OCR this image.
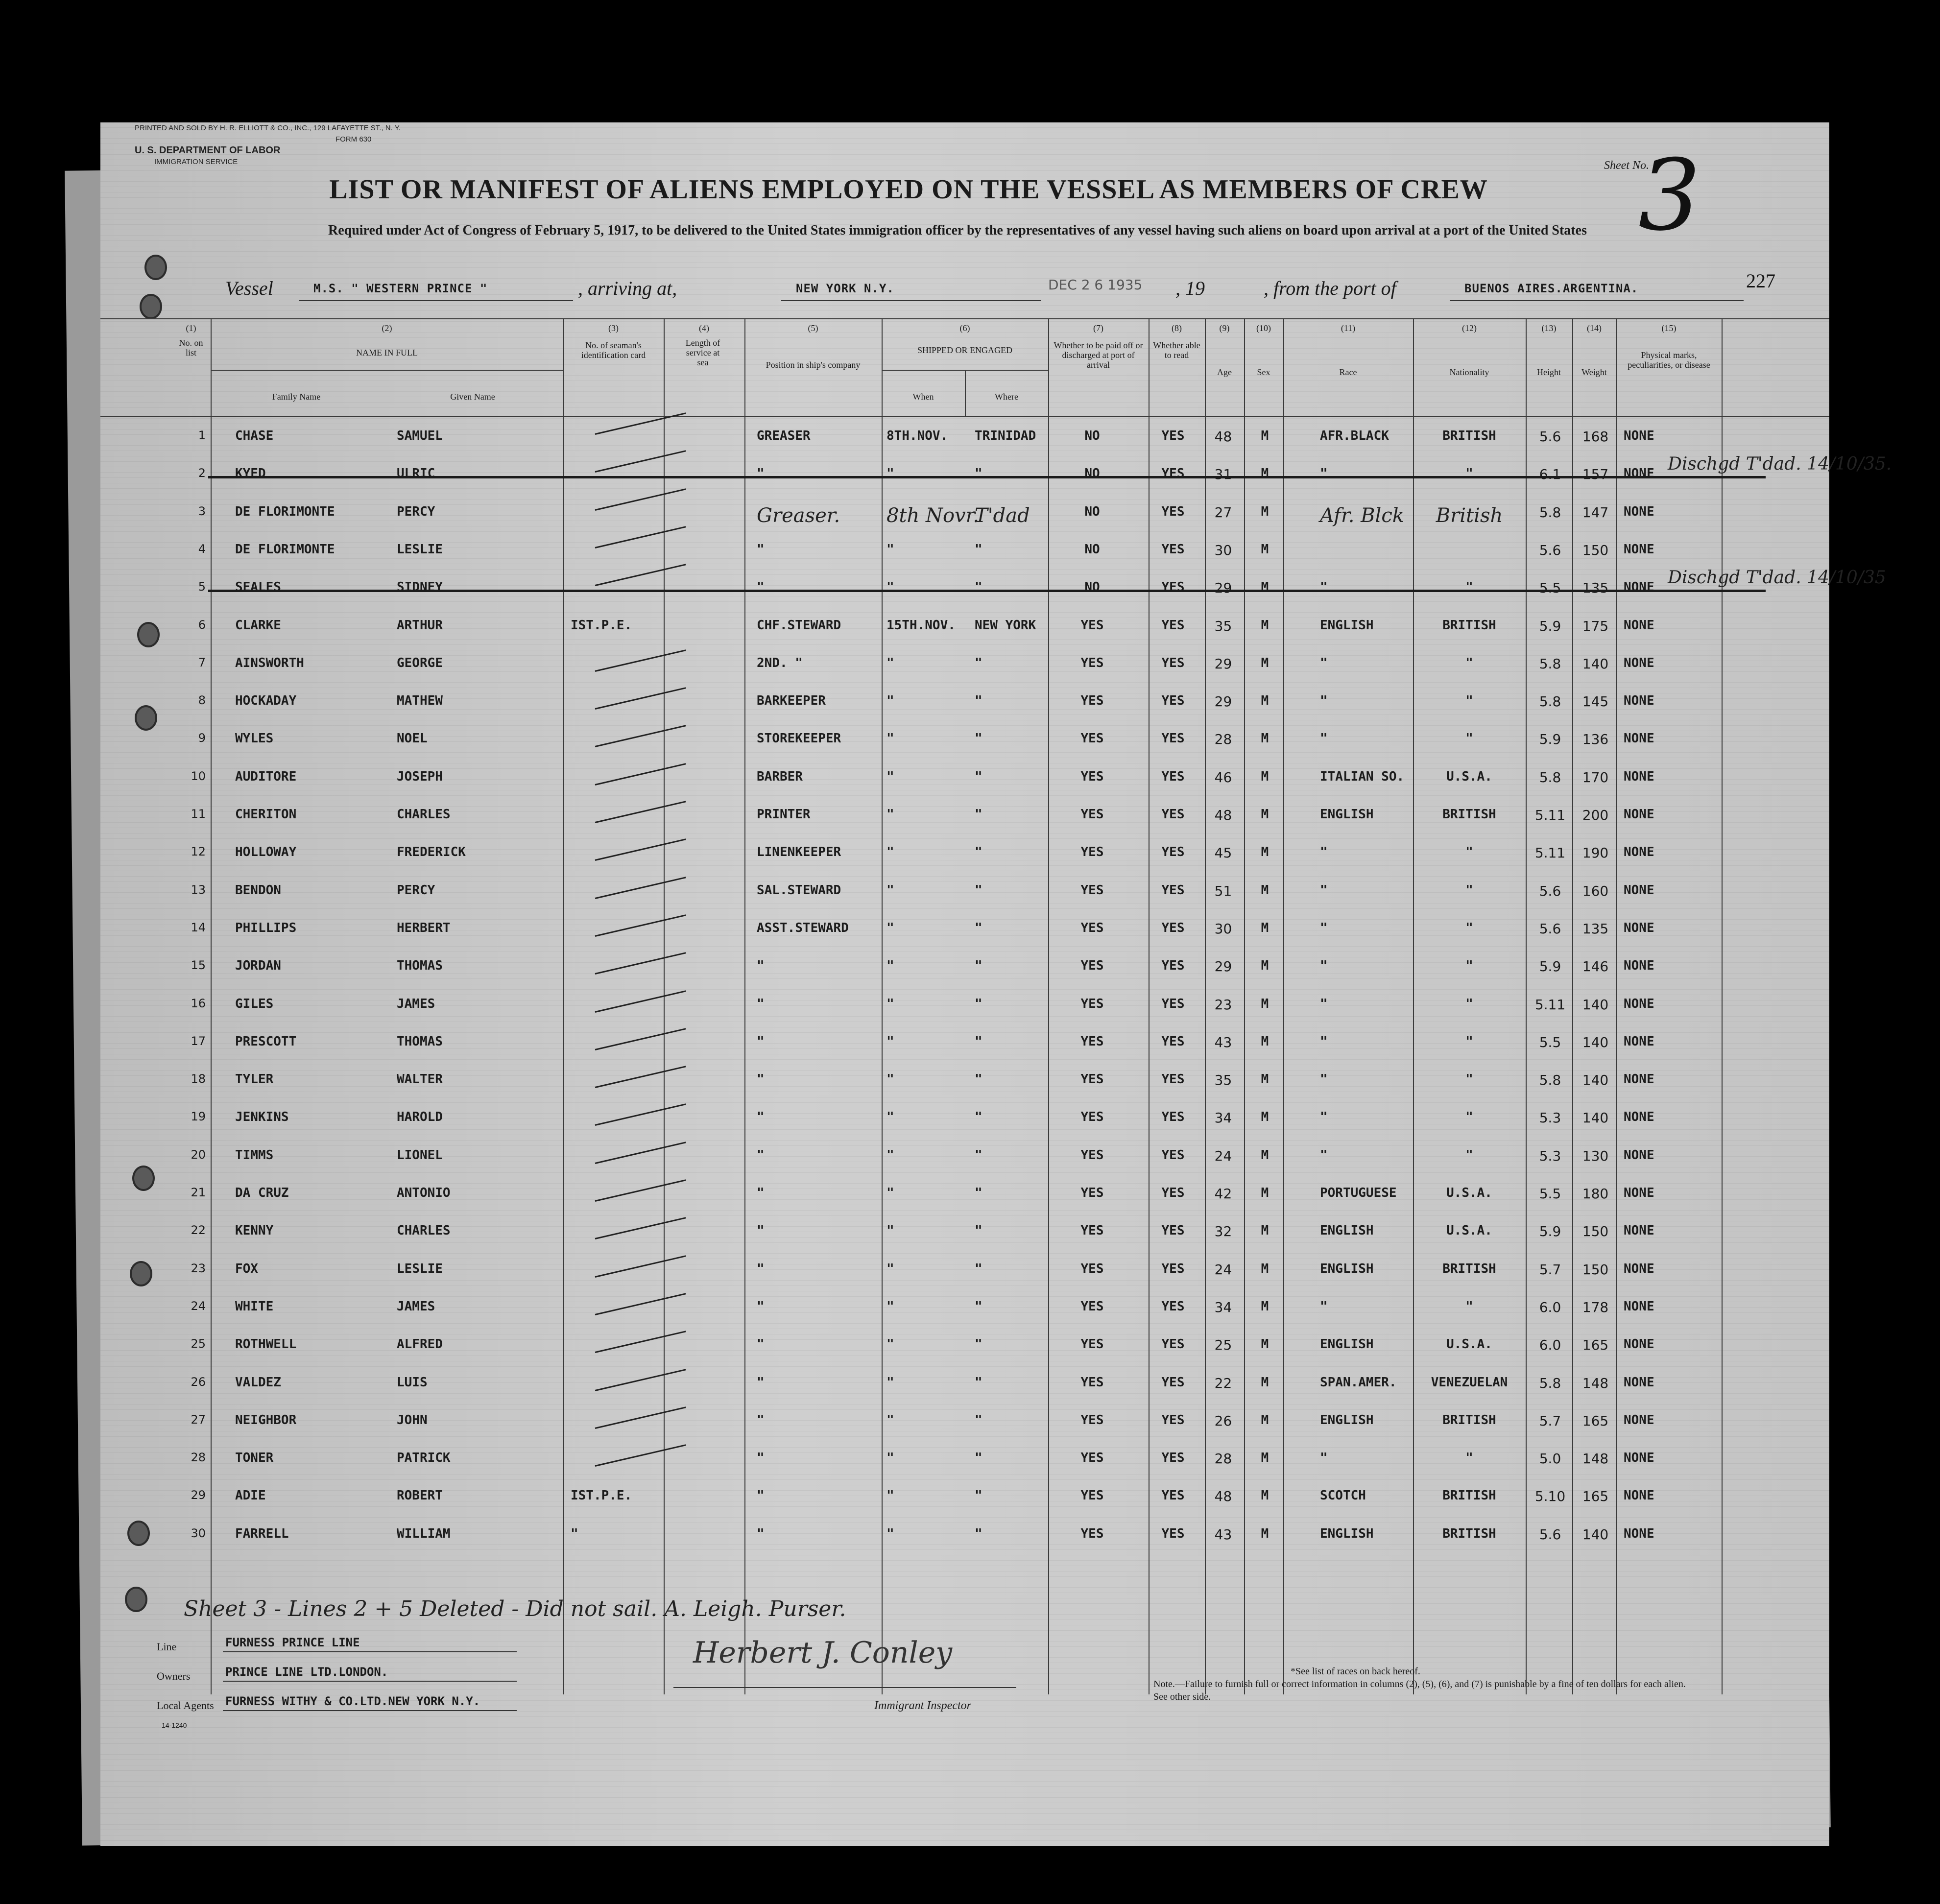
PRINTED AND SOLD BY H. R. ELLIOTT & CO., INC., 129 LAFAYETTE ST., N. Y.
FORM 630
U. S. DEPARTMENT OF LABOR
IMMIGRATION SERVICE	Sheet No.
3
227
LIST OR MANIFEST OF ALIENS EMPLOYED ON THE VESSEL AS MEMBERS OF CREW
Required under Act of Congress of February 5, 1917, to be delivered to the United States immigration officer by the representatives of any vessel having such aliens on board upon arrival at a port of the United States
Vessel	M.S. " WESTERN PRINCE "	, arriving at,	NEW YORK N.Y.	DEC 2 6 1935 , 19	, from the port of	BUENOS AIRES.ARGENTINA.
(1)
No. on list
(2)
NAME IN FULL
Family Name	Given Name
(3)
No. of seaman's identification card
(4)
Length of service at sea
(5)
Position in ship's company
(6)
SHIPPED OR ENGAGED
When	Where
(7)
Whether to be paid off or discharged at port of arrival
(8)
Whether able to read
(9)
Age
(10)
Sex
(11)
Race
(12)
Nationality
(13)
Height
(14)
Weight
(15)
Physical marks, peculiarities, or disease
1 CHASE	SAMUEL	GREASER	8TH.NOV. TRINIDAD	NO	YES	48	M	AFR.BLACK	BRITISH	5.6	168	NONE
2 KYED	ULRIC	"	"	"	NO	YES	31	M	"	"	6.1	157	NONE Dischgd T'dad. 14/10/35.
3 DE FLORIMONTE	PERCY	Greaser. 8th Novr.
T'dad	NO	YES	27	M	Afr. Blck	British	5.8	147	NONE
4 DE FLORIMONTE	LESLIE	"	"	"	NO	YES	30	M	5.6	150	NONE
5 SEALES	SIDNEY	"	"	"	NO	YES	29	M	"	"	5.5	135	NONE Dischgd T'dad. 14/10/35
6 CLARKE	ARTHUR	IST.P.E.	CHF.STEWARD	15TH.NOV. NEW YORK	YES	YES	35	M	ENGLISH	BRITISH	5.9	175	NONE
7 AINSWORTH	GEORGE	2ND. "	"	"	YES	YES	29	M	"	"	5.8	140	NONE
8 HOCKADAY	MATHEW	BARKEEPER	"	"	YES	YES	29	M	"	"	5.8	145	NONE
9 WYLES	NOEL	STOREKEEPER	"	"	YES	YES	28	M	"	"	5.9	136	NONE
10 AUDITORE	JOSEPH	BARBER	"	"	YES	YES	46	M	ITALIAN SO.	U.S.A.	5.8	170	NONE
11 CHERITON	CHARLES	PRINTER	"	"	YES	YES	48	M	ENGLISH	BRITISH	5.11	200	NONE
12 HOLLOWAY	FREDERICK	LINENKEEPER	"	"	YES	YES	45	M	"	"	5.11	190	NONE
13 BENDON	PERCY	SAL.STEWARD	"	"	YES	YES	51	M	"	"	5.6	160	NONE
14 PHILLIPS	HERBERT	ASST.STEWARD	"	"	YES	YES	30	M	"	"	5.6	135	NONE
15 JORDAN	THOMAS	"	"	"	YES	YES	29	M	"	"	5.9	146	NONE
16 GILES	JAMES	"	"	"	YES	YES	23	M	"	"	5.11	140	NONE
17 PRESCOTT	THOMAS	"	"	"	YES	YES	43	M	"	"	5.5	140	NONE
18 TYLER	WALTER	"	"	"	YES	YES	35	M	"	"	5.8	140	NONE
19 JENKINS	HAROLD	"	"	"	YES	YES	34	M	"	"	5.3	140	NONE
20 TIMMS	LIONEL	"	"	"	YES	YES	24	M	"	"	5.3	130	NONE
21 DA CRUZ	ANTONIO	"	"	"	YES	YES	42	M	PORTUGUESE	U.S.A.	5.5	180	NONE
22 KENNY	CHARLES	"	"	"	YES	YES	32	M	ENGLISH	U.S.A.	5.9	150	NONE
23 FOX	LESLIE	"	"	"	YES	YES	24	M	ENGLISH	BRITISH	5.7	150	NONE
24 WHITE	JAMES	"	"	"	YES	YES	34	M	"	"	6.0	178	NONE
25 ROTHWELL	ALFRED	"	"	"	YES	YES	25	M	ENGLISH	U.S.A.	6.0	165	NONE
26 VALDEZ	LUIS	"	"	"	YES	YES	22	M	SPAN.AMER.	VENEZUELAN	5.8	148	NONE
27 NEIGHBOR	JOHN	"	"	"	YES	YES	26	M	ENGLISH	BRITISH	5.7	165	NONE
28 TONER	PATRICK	"	"	"	YES	YES	28	M	"	"	5.0	148	NONE
29 ADIE	ROBERT	IST.P.E.	"	"	"	YES	YES	48	M	SCOTCH	BRITISH	5.10	165	NONE
30 FARRELL	WILLIAM	"	"	"	"	YES	YES	43	M	ENGLISH	BRITISH	5.6	140	NONE
Sheet 3 - Lines 2 + 5 Deleted - Did not sail. A. Leigh. Purser.
Line	FURNESS PRINCE LINE
Owners	PRINCE LINE LTD.LONDON.
Local Agents FURNESS WITHY & CO.LTD.NEW YORK N.Y.
Herbert J. Conley
Immigrant Inspector
*See list of races on back hereof.
Note.—Failure to furnish full or correct information in columns (2), (5), (6), and (7) is punishable by a fine of ten dollars for each alien. See other side.
14-1240
